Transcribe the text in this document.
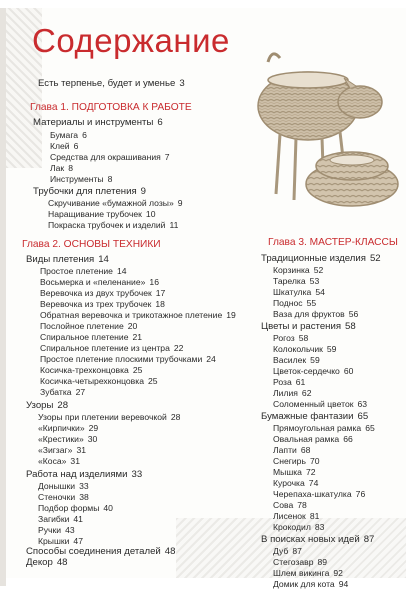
Содержание
Есть терпенье, будет и уменье 3
Глава 1. ПОДГОТОВКА К РАБОТЕ
Материалы и инструменты 6
Бумага 6
Клей 6
Средства для окрашивания 7
Лак 8
Инструменты 8
Трубочки для плетения 9
Скручивание «бумажной лозы» 9
Наращивание трубочек 10
Покраска трубочек и изделий 11
Глава 2. ОСНОВЫ ТЕХНИКИ
Виды плетения 14
Простое плетение 14
Восьмерка и «пеленание» 16
Веревочка из двух трубочек 17
Веревочка из трех трубочек 18
Обратная веревочка и трикотажное плетение 19
Послойное плетение 20
Спиральное плетение 21
Спиральное плетение из центра 22
Простое плетение плоскими трубочками 24
Косичка-трехконцовка 25
Косичка-четырехконцовка 25
Зубатка 27
Узоры 28
Узоры при плетении веревочкой 28
«Кирпички» 29
«Крестики» 30
«Зигзаг» 31
«Коса» 31
Работа над изделиями 33
Донышки 33
Стеночки 38
Подбор формы 40
Загибки 41
Ручки 43
Крышки 47
Способы соединения деталей 48
Декор 48
Глава 3. МАСТЕР-КЛАССЫ
Традиционные изделия 52
Корзинка 52
Тарелка 53
Шкатулка 54
Поднос 55
Ваза для фруктов 56
Цветы и растения 58
Рогоз 58
Колокольчик 59
Василек 59
Цветок-сердечко 60
Роза 61
Лилия 62
Соломенный цветок 63
Бумажные фантазии 65
Прямоугольная рамка 65
Овальная рамка 66
Лапти 68
Снегирь 70
Мышка 72
Курочка 74
Черепаха-шкатулка 76
Сова 78
Лисенок 81
Крокодил 83
В поисках новых идей 87
Дуб 87
Стегозавр 89
Шлем викинга 92
Домик для кота 94
